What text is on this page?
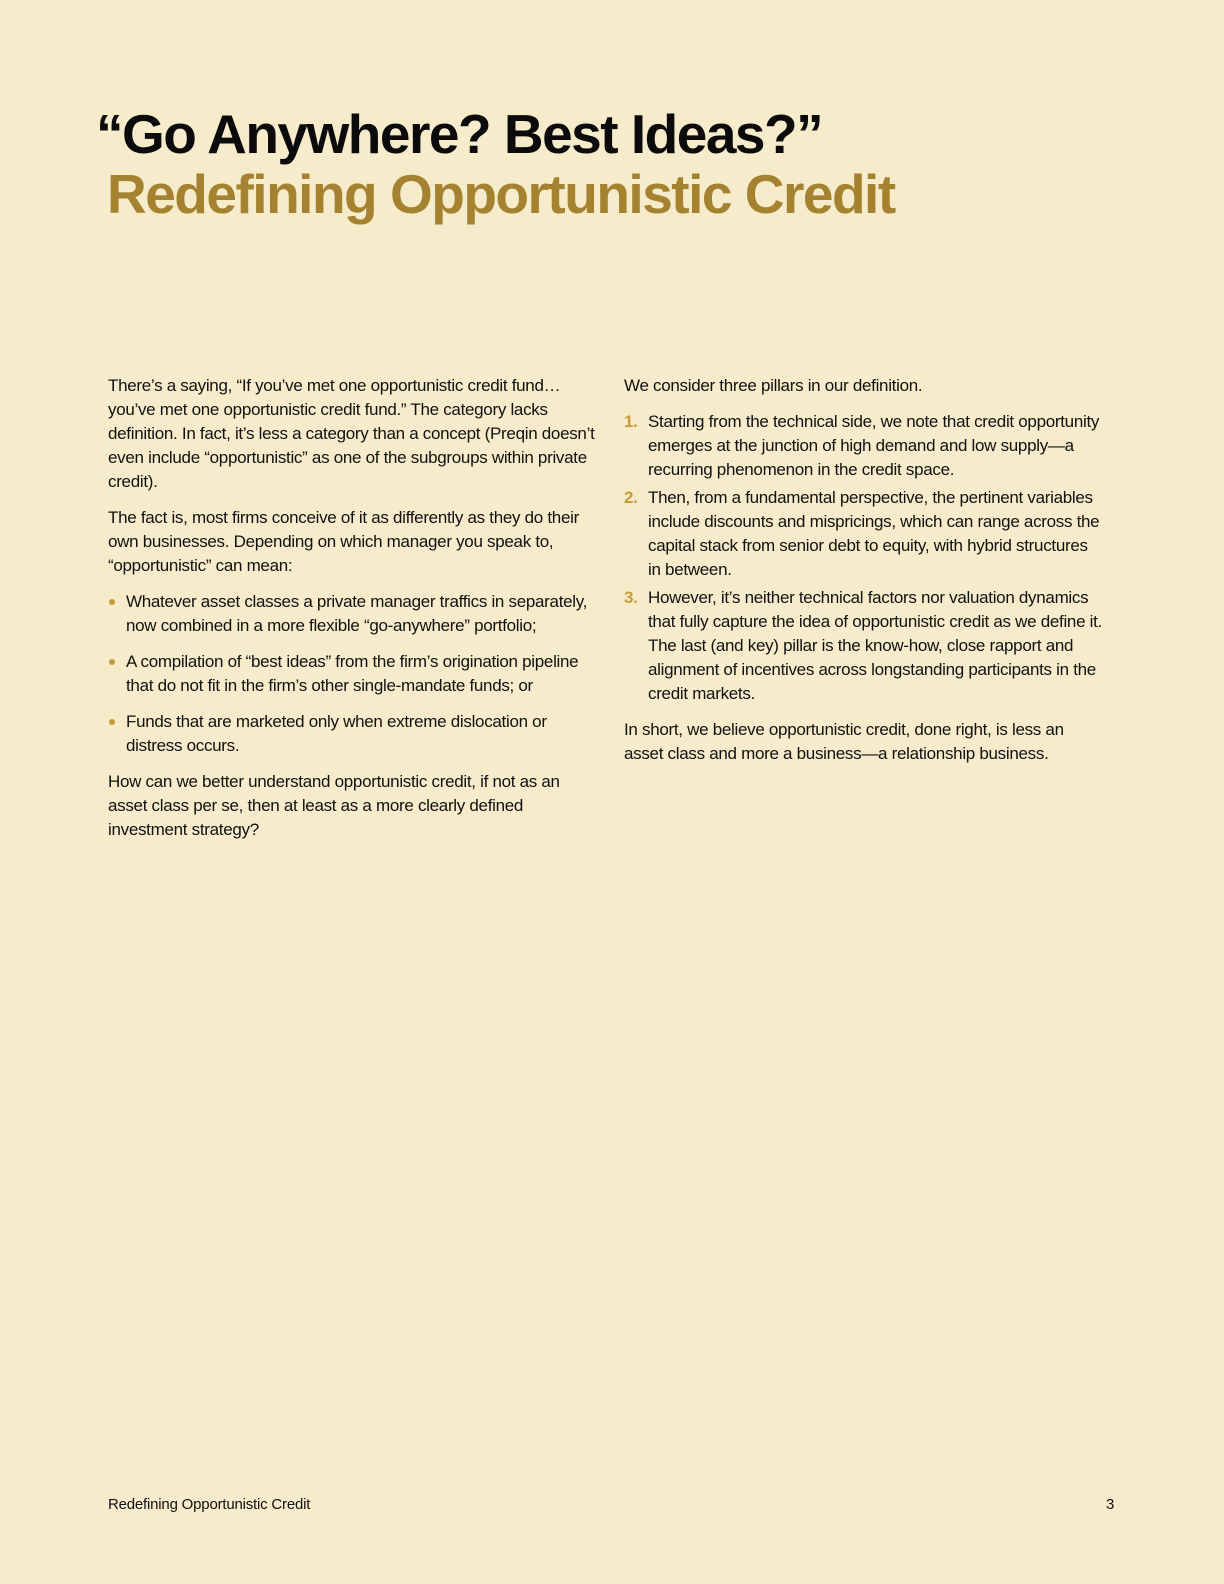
“Go Anywhere? Best Ideas?”
Redefining Opportunistic Credit

There’s a saying, “If you’ve met one opportunistic credit fund… you’ve met one opportunistic credit fund.” The category lacks definition. In fact, it’s less a category than a concept (Preqin doesn’t even include “opportunistic” as one of the subgroups within private credit).

The fact is, most firms conceive of it as differently as they do their own businesses. Depending on which manager you speak to, “opportunistic” can mean:

Whatever asset classes a private manager traffics in separately, now combined in a more flexible “go-anywhere” portfolio;
A compilation of “best ideas” from the firm’s origination pipeline that do not fit in the firm’s other single-mandate funds; or
Funds that are marketed only when extreme dislocation or distress occurs.

How can we better understand opportunistic credit, if not as an asset class per se, then at least as a more clearly defined investment strategy?

We consider three pillars in our definition.

1. Starting from the technical side, we note that credit opportunity emerges at the junction of high demand and low supply—a recurring phenomenon in the credit space.
2. Then, from a fundamental perspective, the pertinent variables include discounts and mispricings, which can range across the capital stack from senior debt to equity, with hybrid structures in between.
3. However, it’s neither technical factors nor valuation dynamics that fully capture the idea of opportunistic credit as we define it. The last (and key) pillar is the know-how, close rapport and alignment of incentives across longstanding participants in the credit markets.

In short, we believe opportunistic credit, done right, is less an asset class and more a business—a relationship business.

Redefining Opportunistic Credit	3
